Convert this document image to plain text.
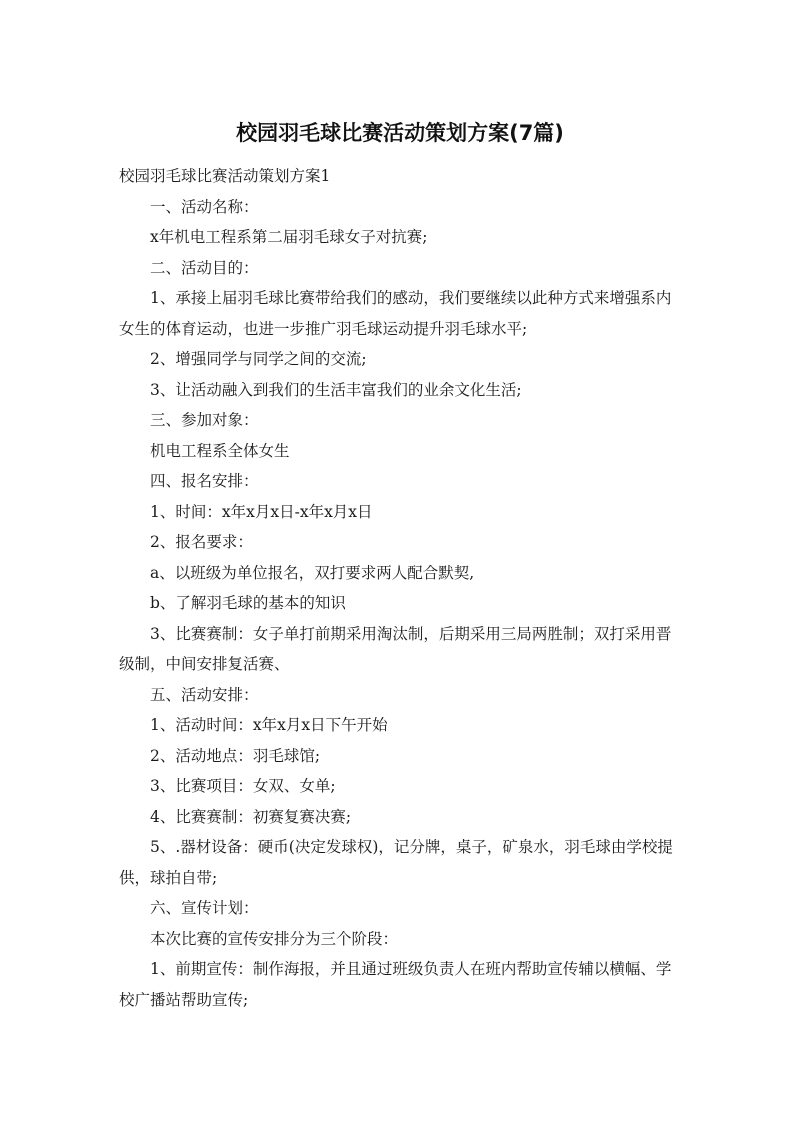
校园羽毛球比赛活动策划方案(7篇)

校园羽毛球比赛活动策划方案1

一、活动名称：

x年机电工程系第二届羽毛球女子对抗赛;

二、活动目的：

1、承接上届羽毛球比赛带给我们的感动，我们要继续以此种方式来增强系内女生的体育运动，也进一步推广羽毛球运动提升羽毛球水平;

2、增强同学与同学之间的交流;

3、让活动融入到我们的生活丰富我们的业余文化生活;

三、参加对象：

机电工程系全体女生

四、报名安排：

1、时间：x年x月x日-x年x月x日

2、报名要求：

a、以班级为单位报名，双打要求两人配合默契,

b、了解羽毛球的基本的知识

3、比赛赛制：女子单打前期采用淘汰制，后期采用三局两胜制；双打采用晋级制，中间安排复活赛、

五、活动安排：

1、活动时间：x年x月x日下午开始

2、活动地点：羽毛球馆;

3、比赛项目：女双、女单;

4、比赛赛制：初赛复赛决赛;

5、.器材设备：硬币(决定发球权)，记分牌，桌子，矿泉水，羽毛球由学校提供，球拍自带;

六、宣传计划：

本次比赛的宣传安排分为三个阶段：

1、前期宣传：制作海报，并且通过班级负责人在班内帮助宣传辅以横幅、学校广播站帮助宣传;
